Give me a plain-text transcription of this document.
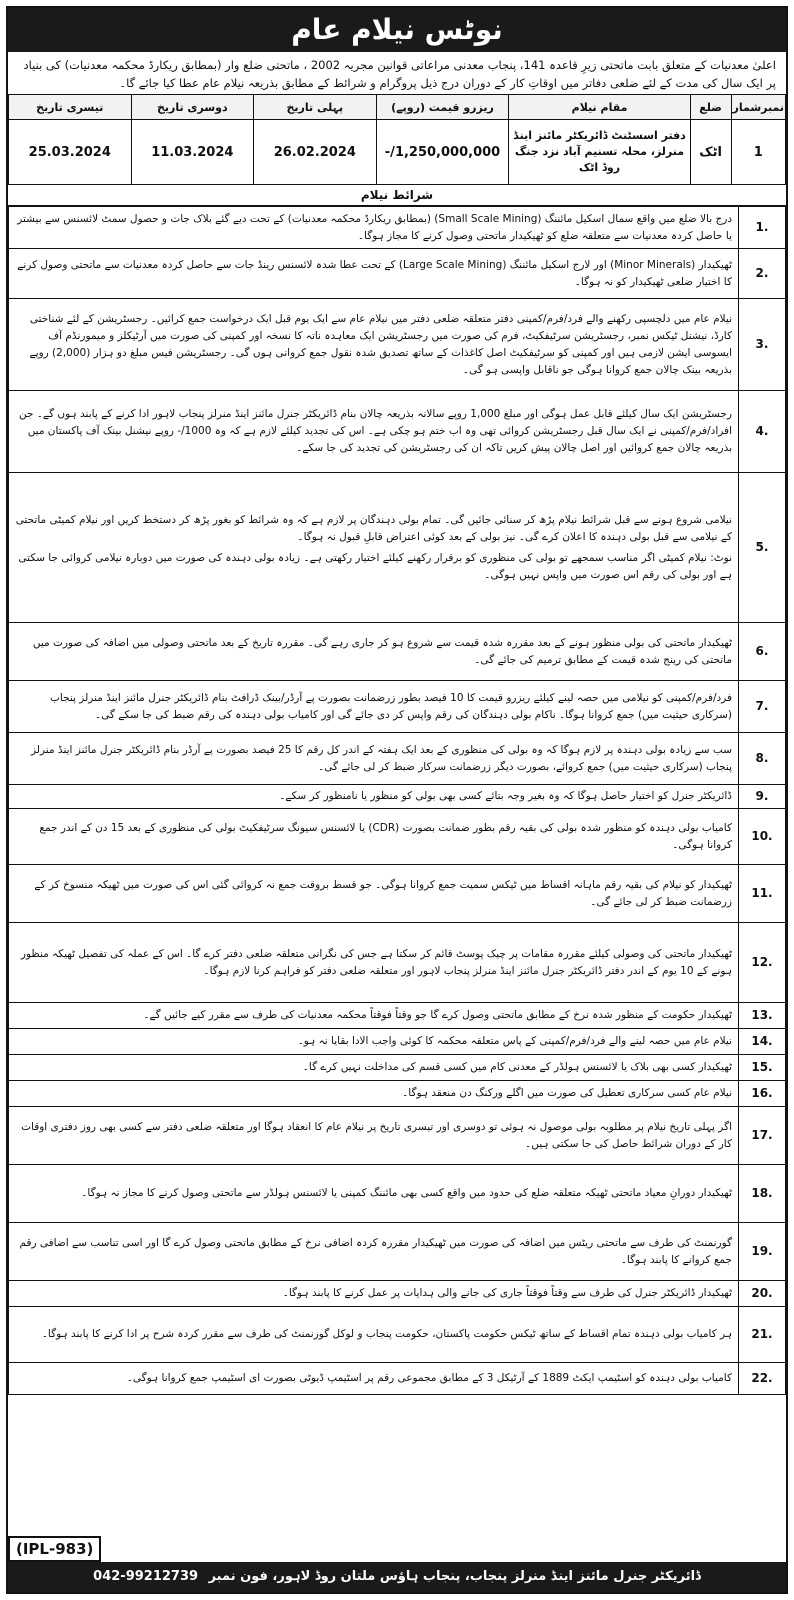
نوٹس نیلام عام
اعلیٰ معدنیات کے متعلق بابت ماتحتی زیرِ قاعدہ 141، پنجاب معدنی مراعاتی قوانین مجریہ 2002 ، ماتحتی ضلع وار (بمطابق ریکارڈ محکمہ معدنیات) کی بنیاد پر ایک سال کی مدت کے لئے ضلعی دفاتر میں اوقاتِ کار کے دوران درج ذیل پروگرام و شرائط کے مطابق بذریعہ نیلام عام عطا کیا جائے گا۔
نمبرشمار	ضلع	مقام نیلام	ریزرو قیمت (روپے)	پہلی تاریخ	دوسری تاریخ	تیسری تاریخ
1	اٹک	دفتر اسسٹنٹ ڈائریکٹر مائنز اینڈ منرلز، محلہ تسنیم آباد نزد جنگ روڈ اٹک	1,250,000,000/-	26.02.2024	11.03.2024	25.03.2024
شرائط نیلام
1.	درج بالا ضلع میں واقع سمال اسکیل مائننگ (Small Scale Mining) (بمطابق ریکارڈ محکمہ معدنیات) کے تحت دیے گئے بلاک جات و حصول سمٹ لائسنس سے بیشتر یا حاصل کردہ معدنیات سے متعلقہ ضلع کو ٹھیکیدار ماتحتی وصول کرنے کا مجاز ہوگا۔
2.	ٹھیکیدار (Minor Minerals) اور لارج اسکیل مائننگ (Large Scale Mining) کے تحت عطا شدہ لائسنس رینڈ جات سے حاصل کردہ معدنیات سے ماتحتی وصول کرنے کا اختیار ضلعی ٹھیکیدار کو نہ ہوگا۔
3.	نیلام عام میں دلچسپی رکھنے والے فرد/فرم/کمپنی دفتر متعلقہ ضلعی دفتر میں نیلام عام سے ایک یوم قبل ایک درخواست جمع کرائیں۔ رجسٹریشن کے لئے شناختی کارڈ، نیشنل ٹیکس نمبر، رجسٹریشن سرٹیفکیٹ، فرم کی صورت میں رجسٹریشن ایک معاہدہ ناتہ کا نسخہ اور کمپنی کی صورت میں آرٹیکلز و میمورنڈم آف ایسوسی ایشن لازمی ہیں اور کمپنی کو سرٹیفکیٹ اصل کاغذات کے ساتھ تصدیق شدہ نقول جمع کروانی ہوں گی۔ رجسٹریشن فیس مبلغ دو ہزار (2,000) روپے بذریعہ بینک چالان جمع کروانا ہوگی جو ناقابل واپسی ہو گی۔
4.	رجسٹریشن ایک سال کیلئے قابل عمل ہوگی اور مبلغ 1,000 روپے سالانہ بذریعہ چالان بنام ڈائریکٹر جنرل مائنز اینڈ منرلز پنجاب لاہور ادا کرنے کے پابند ہوں گے۔ جن افراد/فرم/کمپنی نے ایک سال قبل رجسٹریشن کروائی تھی وہ اب ختم ہو چکی ہے۔ اس کی تجدید کیلئے لازم ہے کہ وہ 1000/- روپے نیشنل بینک آف پاکستان میں بذریعہ چالان جمع کروائیں اور اصل چالان پیش کریں تاکہ ان کی رجسٹریشن کی تجدید کی جا سکے۔
5.	نیلامی شروع ہونے سے قبل شرائط نیلام پڑھ کر سنائی جائیں گی۔ تمام بولی دہندگان پر لازم ہے کہ وہ شرائط کو بغور پڑھ کر دستخط کریں اور نیلام کمیٹی ماتحتی کے نیلامی سے قبل بولی دہندہ کا اعلان کرے گی۔ نیز بولی کے بعد کوئی اعتراض قابلِ قبول نہ ہوگا۔
نوٹ: نیلام کمیٹی اگر مناسب سمجھے تو بولی کی منظوری کو برقرار رکھنے کیلئے اختیار رکھتی ہے۔ زیادہ بولی دہندہ کی صورت میں دوبارہ نیلامی کروائی جا سکتی ہے اور بولی کی رقم اس صورت میں واپس نہیں ہوگی۔

6.	ٹھیکیدار ماتحتی کی بولی منظور ہونے کے بعد مقررہ شدہ قیمت سے شروع ہو کر جاری رہے گی۔ مقررہ تاریخ کے بعد ماتحتی وصولی میں اضافہ کی صورت میں ماتحتی کی رینج شدہ قیمت کے مطابق ترمیم کی جائے گی۔
7.	فرد/فرم/کمپنی کو نیلامی میں حصہ لینے کیلئے ریزرو قیمت کا 10 فیصد بطور زرضمانت بصورت پے آرڈر/بینک ڈرافٹ بنام ڈائریکٹر جنرل مائنز اینڈ منرلز پنجاب (سرکاری حیثیت میں) جمع کروانا ہوگا۔ ناکام بولی دہندگان کی رقم واپس کر دی جائے گی اور کامیاب بولی دہندہ کی رقم ضبط کی جا سکے گی۔
8.	سب سے زیادہ بولی دہندہ پر لازم ہوگا کہ وہ بولی کی منظوری کے بعد ایک ہفتہ کے اندر کل رقم کا 25 فیصد بصورت پے آرڈر بنام ڈائریکٹر جنرل مائنز اینڈ منرلز پنجاب (سرکاری حیثیت میں) جمع کروائے، بصورت دیگر زرضمانت سرکار ضبط کر لی جائے گی۔
9.	ڈائریکٹر جنرل کو اختیار حاصل ہوگا کہ وہ بغیر وجہ بتائے کسی بھی بولی کو منظور یا نامنظور کر سکے۔
10.	کامیاب بولی دہندہ کو منظور شدہ بولی کی بقیہ رقم بطور ضمانت بصورت (CDR) یا لائسنس سیونگ سرٹیفکیٹ بولی کی منظوری کے بعد 15 دن کے اندر جمع کروانا ہوگی۔
11.	ٹھیکیدار کو نیلام کی بقیہ رقم ماہانہ اقساط میں ٹیکس سمیت جمع کروانا ہوگی۔ جو قسط بروقت جمع نہ کروائی گئی اس کی صورت میں ٹھیکہ منسوخ کر کے زرضمانت ضبط کر لی جائے گی۔
12.	ٹھیکیدار ماتحتی کی وصولی کیلئے مقررہ مقامات پر چیک پوسٹ قائم کر سکتا ہے جس کی نگرانی متعلقہ ضلعی دفتر کرے گا۔ اس کے عملہ کی تفصیل ٹھیکہ منظور ہونے کے 10 یوم کے اندر دفتر ڈائریکٹر جنرل مائنز اینڈ منرلز پنجاب لاہور اور متعلقہ ضلعی دفتر کو فراہم کرنا لازم ہوگا۔
13.	ٹھیکیدار حکومت کے منظور شدہ نرخ کے مطابق ماتحتی وصول کرے گا جو وقتاً فوقتاً محکمہ معدنیات کی طرف سے مقرر کیے جائیں گے۔
14.	نیلام عام میں حصہ لینے والے فرد/فرم/کمپنی کے پاس متعلقہ محکمہ کا کوئی واجب الادا بقایا نہ ہو۔
15.	ٹھیکیدار کسی بھی بلاک یا لائسنس ہولڈر کے معدنی کام میں کسی قسم کی مداخلت نہیں کرے گا۔
16.	نیلام عام کسی سرکاری تعطیل کی صورت میں اگلے ورکنگ دن منعقد ہوگا۔
17.	اگر پہلی تاریخ نیلام پر مطلوبہ بولی موصول نہ ہوئی تو دوسری اور تیسری تاریخ پر نیلام عام کا انعقاد ہوگا اور متعلقہ ضلعی دفتر سے کسی بھی روز دفتری اوقات کار کے دوران شرائط حاصل کی جا سکتی ہیں۔
18.	ٹھیکیدار دورانِ معیاد ماتحتی ٹھیکہ متعلقہ ضلع کی حدود میں واقع کسی بھی مائننگ کمپنی یا لائسنس ہولڈر سے ماتحتی وصول کرنے کا مجاز نہ ہوگا۔
19.	گورنمنٹ کی طرف سے ماتحتی ریٹس میں اضافہ کی صورت میں ٹھیکیدار مقررہ کردہ اضافی نرخ کے مطابق ماتحتی وصول کرے گا اور اسی تناسب سے اضافی رقم جمع کروانے کا پابند ہوگا۔
20.	ٹھیکیدار ڈائریکٹر جنرل کی طرف سے وقتاً فوقتاً جاری کی جانے والی ہدایات پر عمل کرنے کا پابند ہوگا۔
21.	ہر کامیاب بولی دہندہ تمام اقساط کے ساتھ ٹیکس حکومت پاکستان، حکومت پنجاب و لوکل گورنمنٹ کی طرف سے مقرر کردہ شرح پر ادا کرنے کا پابند ہوگا۔
22.	کامیاب بولی دہندہ کو اسٹیمپ ایکٹ 1889 کے آرٹیکل 3 کے مطابق مجموعی رقم پر اسٹیمپ ڈیوٹی بصورت ای اسٹیمپ جمع کروانا ہوگی۔
(IPL-983)
ڈائریکٹر جنرل مائنز اینڈ منرلز پنجاب، پنجاب ہاؤس ملتان روڈ لاہور، فون نمبر 042-99212739
